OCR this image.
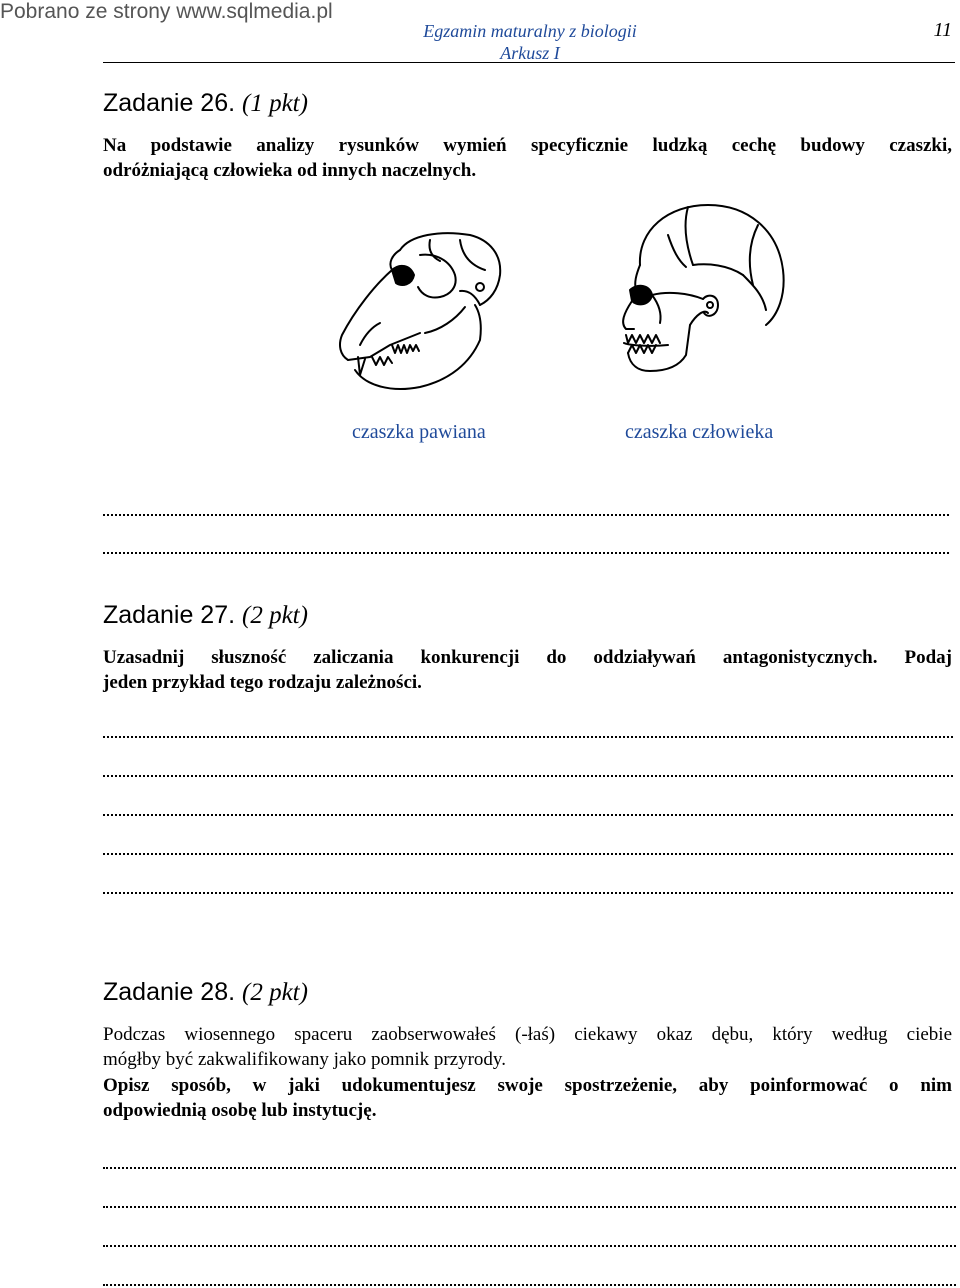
Pobrano ze strony www.sqlmedia.pl
Egzamin maturalny z biologii
Arkusz I
11
Zadanie 26. (1 pkt)
Na podstawie analizy rysunków wymień specyficznie ludzką cechę budowy czaszki,
odróżniającą człowieka od innych naczelnych.
czaszka pawiana	czaszka człowieka
Zadanie 27. (2 pkt)
Uzasadnij słuszność zaliczania konkurencji do oddziaływań antagonistycznych. Podaj
jeden przykład tego rodzaju zależności.
Zadanie 28. (2 pkt)
Podczas wiosennego spaceru zaobserwowałeś (-łaś) ciekawy okaz dębu, który według ciebie
mógłby być zakwalifikowany jako pomnik przyrody.
Opisz sposób, w jaki udokumentujesz swoje spostrzeżenie, aby poinformować o nim
odpowiednią osobę lub instytucję.
